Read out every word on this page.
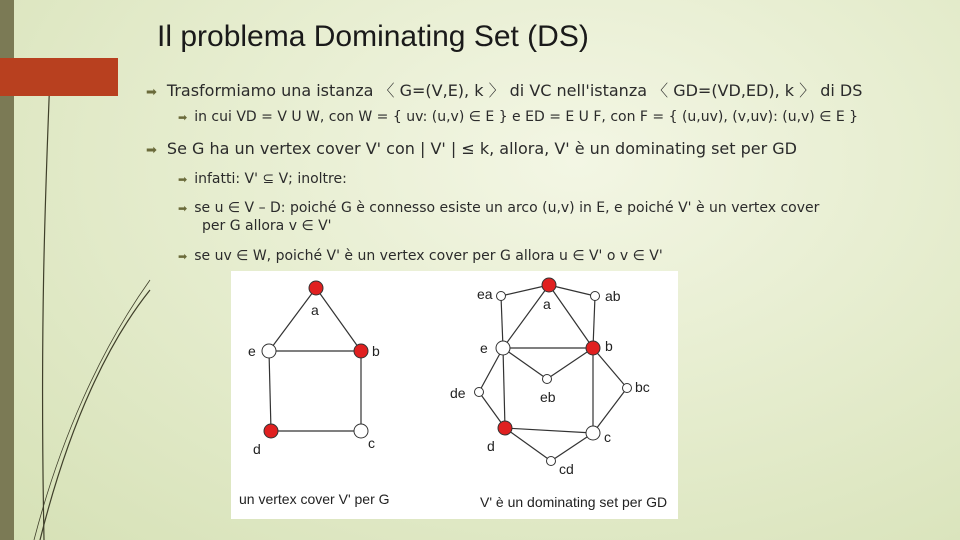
Il problema Dominating Set (DS)
➡ Trasformiamo una istanza 〈 G=(V,E), k 〉 di VC nell'istanza 〈 GD=(VD,ED), k 〉 di DS
➡ in cui VD = V U W, con W = { uv: (u,v) ∈ E } e ED = E U F, con F = { (u,uv), (v,uv): (u,v) ∈ E }
➡ Se G ha un vertex cover V' con | V' | ≤ k, allora, V' è un dominating set per GD
➡ infatti: V' ⊆ V; inoltre:
➡ se u ∈ V – D: poiché G è connesso esiste un arco (u,v) in E, e poiché V' è un vertex cover
per G allora v ∈ V'
➡ se uv ∈ W, poiché V' è un vertex cover per G allora u ∈ V' o v ∈ V'
a
e	b
d	c
un vertex cover V' per G
ea
a	ab
e	b
eb
de	bc
d
c
cd
V' è un dominating set per GD
